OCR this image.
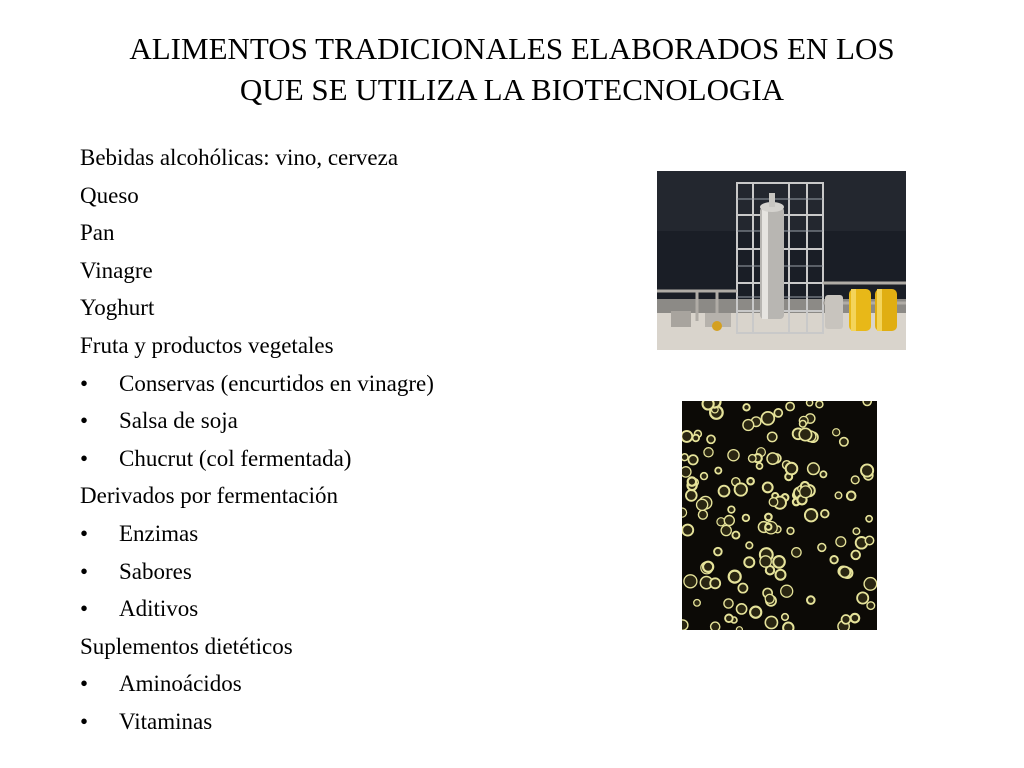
ALIMENTOS TRADICIONALES ELABORADOS EN LOS
QUE SE UTILIZA LA BIOTECNOLOGIA
Bebidas alcohólicas: vino, cerveza
Queso
Pan
Vinagre
Yoghurt
Fruta y productos vegetales
• Conservas (encurtidos en vinagre)
• Salsa de soja
• Chucrut (col fermentada)
Derivados por fermentación
• Enzimas
• Sabores
• Aditivos
Suplementos dietéticos
• Aminoácidos
• Vitaminas
